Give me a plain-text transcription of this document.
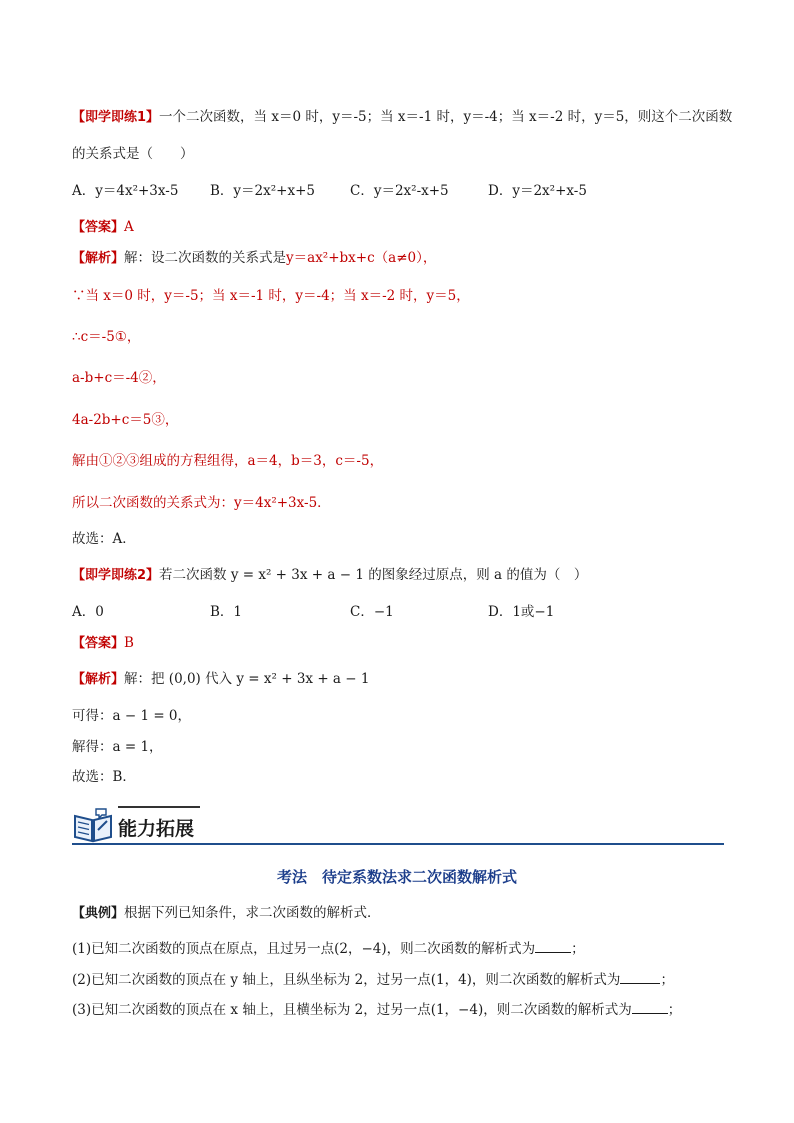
【即学即练1】一个二次函数，当 x＝0 时，y＝-5；当 x＝-1 时，y＝-4；当 x＝-2 时，y＝5，则这个二次函数
的关系式是（　　）
A．y＝4x²+3x-5 B．y＝2x²+x+5	C．y＝2x²-x+5	D．y＝2x²+x-5
【答案】A
【解析】解：设二次函数的关系式是y＝ax²+bx+c（a≠0），
∵当 x＝0 时，y＝-5；当 x＝-1 时，y＝-4；当 x＝-2 时，y＝5，
∴c＝-5①，
a-b+c＝-4②，
4a-2b+c＝5③，
解由①②③组成的方程组得，a＝4，b＝3，c＝-5，
所以二次函数的关系式为：y＝4x²+3x-5．
故选：A．
【即学即练2】若二次函数 y = x² + 3x + a − 1 的图象经过原点，则 a 的值为（　）
A．0	B．1	C．−1	D．1或−1
【答案】B
【解析】解：把 (0,0) 代入 y = x² + 3x + a − 1
可得：a − 1 = 0，
解得：a = 1，
故选：B．
能力拓展
考法　待定系数法求二次函数解析式
【典例】根据下列已知条件，求二次函数的解析式．
(1)已知二次函数的顶点在原点，且过另一点(2，−4)，则二次函数的解析式为	；
(2)已知二次函数的顶点在 y 轴上，且纵坐标为 2，过另一点(1，4)，则二次函数的解析式为	；
(3)已知二次函数的顶点在 x 轴上，且横坐标为 2，过另一点(1，−4)，则二次函数的解析式为	；
